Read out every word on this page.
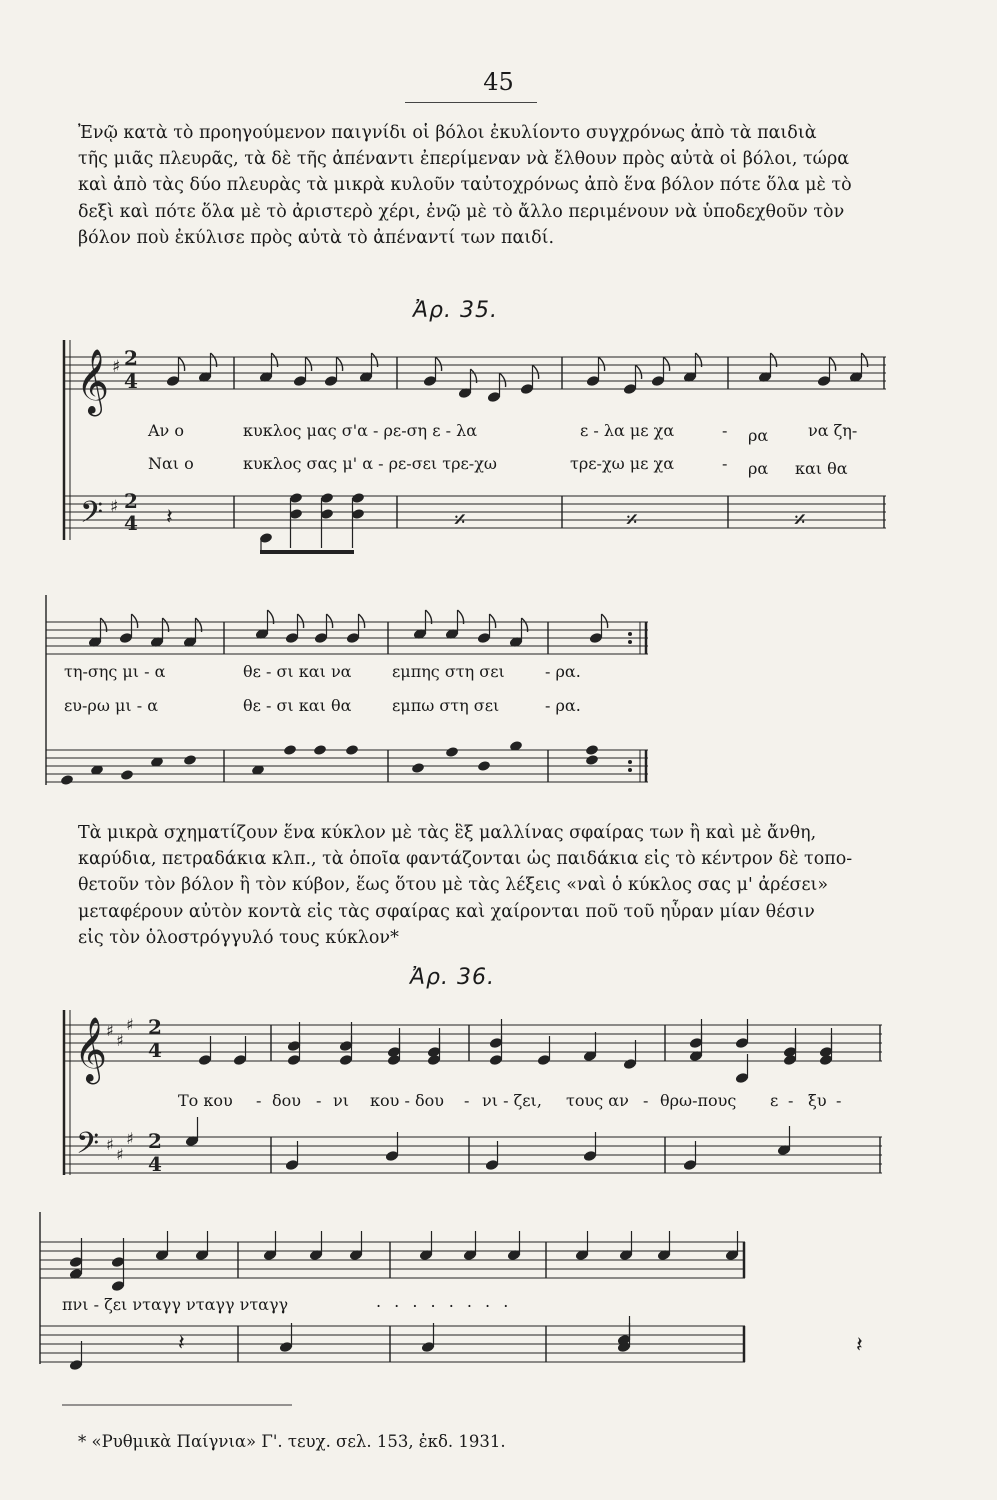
45
Ἐνῷ κατὰ τὸ προηγούμενον παιγνίδι οἱ βόλοι ἐκυλίοντο συγχρόνως ἀπὸ τὰ παιδιὰ
τῆς μιᾶς πλευρᾶς, τὰ δὲ τῆς ἀπέναντι ἐπερίμεναν νὰ ἔλθουν πρὸς αὐτὰ οἱ βόλοι, τώρα
καὶ ἀπὸ τὰς δύο πλευρὰς τὰ μικρὰ κυλοῦν ταὐτοχρόνως ἀπὸ ἕνα βόλον πότε ὅλα μὲ τὸ
δεξὶ καὶ πότε ὅλα μὲ τὸ ἀριστερὸ χέρι, ἐνῷ μὲ τὸ ἄλλο περιμένουν νὰ ὑποδεχθοῦν τὸν
βόλον ποὺ ἐκύλισε πρὸς αὐτὰ τὸ ἀπέναντί των παιδί.
Ἀρ. 35.
Αν ο	κυκλος μας σ'α - ρε-ση ε - λα	ε - λα με χα	- ρα να ζη-
Ναι ο	κυκλος σας μ' α - ρε-σει τρε-χω	τρε-χω με χα	- ρα και θα
τη-σης μι - α	θε - σι και να	εμπης στη σει	- ρα.
ευ-ρω μι - α	θε - σι και θα	εμπω στη σει	- ρα.
Τὰ μικρὰ σχηματίζουν ἕνα κύκλον μὲ τὰς ἓξ μαλλίνας σφαίρας των ἢ καὶ μὲ ἄνθη,
καρύδια, πετραδάκια κλπ., τὰ ὁποῖα φαντάζονται ὡς παιδάκια εἰς τὸ κέντρον δὲ τοπο-
θετοῦν τὸν βόλον ἢ τὸν κύβον, ἕως ὅτου μὲ τὰς λέξεις «ναὶ ὁ κύκλος σας μ' ἀρέσει»
μεταφέρουν αὐτὸν κοντὰ εἰς τὰς σφαίρας καὶ χαίρονται ποῦ τοῦ ηὗραν μίαν θέσιν
εἰς τὸν ὁλοστρόγγυλό τους κύκλον*
Ἀρ. 36.
Το κου - δου - νι κου - δου - νι - ζει, τους αν - θρω-πους ε - ξυ -
πνι - ζει νταγγ νταγγ νταγγ	. . . . . . . .
* «Ρυθμικὰ Παίγνια» Γ'. τευχ. σελ. 153, ἐκδ. 1931.
𝄞 ♯ 2
4
𝄢 ♯ 2
4 𝄽	𝄎	𝄎	𝄎
𝄞
♯
♯
♯ 2
4
𝄢 ♯
♯
♯ 2
4
𝄽	𝄽
